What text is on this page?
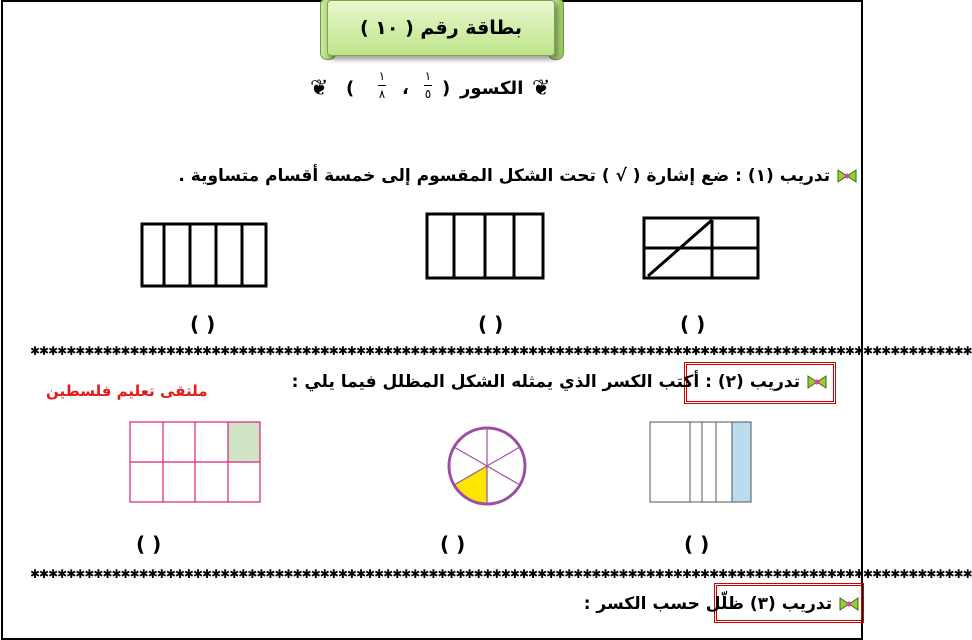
بطاقة رقم ( ١٠ )
❦
الكسور
)
١
٥
،
١
٨
(
❦
تدريب (١) : ضع إشارة ( √ ) تحت الشكل المقسوم إلى خمسة أقسام متساوية .
( )	( )	( )
✱✱✱✱✱✱✱✱✱✱✱✱✱✱✱✱✱✱✱✱✱✱✱✱✱✱✱✱✱✱✱✱✱✱✱✱✱✱✱✱✱✱✱✱✱✱✱✱✱✱✱✱✱✱✱✱✱✱✱✱✱✱✱✱✱✱✱✱✱✱✱✱✱✱✱✱✱✱✱✱✱✱✱✱✱✱✱✱✱✱✱✱✱✱✱✱✱✱✱✱✱✱✱✱
تدريب (٢) : أكتب الكسر الذي يمثله الشكل المظلل فيما يلي :
ملتقى تعليم فلسطين
( )	( )	( )
✱✱✱✱✱✱✱✱✱✱✱✱✱✱✱✱✱✱✱✱✱✱✱✱✱✱✱✱✱✱✱✱✱✱✱✱✱✱✱✱✱✱✱✱✱✱✱✱✱✱✱✱✱✱✱✱✱✱✱✱✱✱✱✱✱✱✱✱✱✱✱✱✱✱✱✱✱✱✱✱✱✱✱✱✱✱✱✱✱✱✱✱✱✱✱✱✱✱✱✱✱✱✱✱
تدريب (٣) ظلّل حسب الكسر :
